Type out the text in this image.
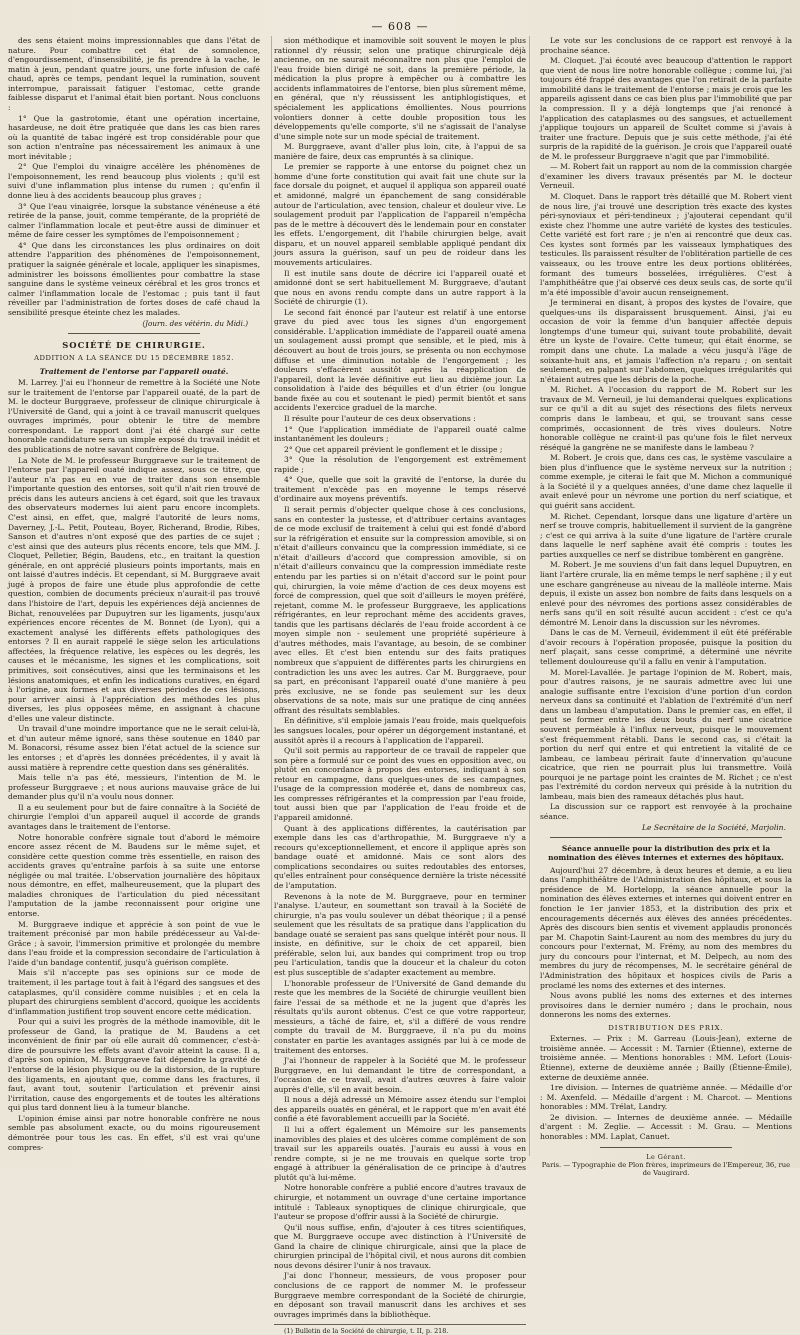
— 608 —

des sens étaient moins impressionnables que dans l'état de nature. Pour combattre cet état de somnolence, d'engourdissement, d'insensibilité, je fis prendre à la vache, le matin à jeun, pendant quatre jours, une forte infusion de café chaud, après ce temps, pendant lequel la rumination, souvent interrompue, paraissait fatiguer l'estomac, cette grande faiblesse disparut et l'animal était bien portant. Nous concluons :

1° Que la gastrotomie, étant une opération incertaine, hasardeuse, ne doit être pratiquée que dans les cas bien rares où la quantité de tabac ingéré est trop considérable pour que son action n'entraîne pas nécessairement les animaux à une mort inévitable ;

2° Que l'emploi du vinaigre accélère les phénomènes de l'empoisonnement, les rend beaucoup plus violents ; qu'il est suivi d'une inflammation plus intense du rumen ; qu'enfin il donne lieu à des accidents beaucoup plus graves ;

3° Que l'eau vinaigrée, lorsque la substance vénéneuse a été retirée de la panse, jouit, comme tempérante, de la propriété de calmer l'inflammation locale et peut-être aussi de diminuer et même de faire cesser les symptômes de l'empoisonnement ;

4° Que dans les circonstances les plus ordinaires on doit attendre l'apparition des phénomènes de l'empoisonnement, pratiquer la saignée générale et locale, appliquer les sinapismes, administrer les boissons émollientes pour combattre la stase sanguine dans le système veineux cérébral et les gros troncs et calmer l'inflammation locale de l'estomac ; puis tant il faut réveiller par l'administration de fortes doses de café chaud la sensibilité presque éteinte chez les malades.

(Journ. des vétérin. du Midi.)
SOCIÉTÉ DE CHIRURGIE.
ADDITION A LA SÉANCE DU 15 DÉCEMBRE 1852.
Traitement de l'entorse par l'appareil ouaté.

M. Larrey. J'ai eu l'honneur de remettre à la Société une Note sur le traitement de l'entorse par l'appareil ouaté, de la part de M. le docteur Burggraeve, professeur de clinique chirurgicale à l'Université de Gand, qui a joint à ce travail manuscrit quelques ouvrages imprimés, pour obtenir le titre de membre correspondant. Le rapport dont j'ai été chargé sur cette honorable candidature sera un simple exposé du travail inédit et des publications de notre savant confrère de Belgique.

La Note de M. le professeur Burggraeve sur le traitement de l'entorse par l'appareil ouaté indique assez, sous ce titre, que l'auteur n'a pas eu en vue de traiter dans son ensemble l'importante question des entorses, soit qu'il n'ait rien trouvé de précis dans les auteurs anciens à cet égard, soit que les travaux des observateurs modernes lui aient paru encore incomplets. C'est ainsi, en effet, que, malgré l'autorité de leurs noms, Daverney, J.-L. Petit, Pouteau, Boyer, Richerand, Brodie, Ribes, Sanson et d'autres n'ont exposé que des parties de ce sujet ; c'est ainsi que des auteurs plus récents encore, tels que MM. J. Cloquet, Pelletier, Bégin, Baudens, etc., en traitant la question générale, en ont apprécié plusieurs points importants, mais en ont laissé d'autres indécis. Et cependant, si M. Burggraeve avait jugé à propos de faire une étude plus approfondie de cette question, combien de documents précieux n'aurait-il pas trouvé dans l'histoire de l'art, depuis les expériences déjà anciennes de Bichat, renouvelées par Dupuytren sur les ligaments, jusqu'aux expériences encore récentes de M. Bonnet (de Lyon), qui a exactement analysé les différents effets pathologiques des entorses ? Il en aurait rappelé le siège selon les articulations affectées, la fréquence relative, les espèces ou les degrés, les causes et le mécanisme, les signes et les complications, soit primitives, soit consécutives, ainsi que les terminaisons et les lésions anatomiques, et enfin les indications curatives, en égard à l'origine, aux formes et aux diverses périodes de ces lésions, pour arriver ainsi à l'appréciation des méthodes les plus diverses, les plus opposées même, en assignant à chacune d'elles une valeur distincte.

Un travail d'une moindre importance que ne le serait celui-là, et d'un auteur même ignoré, sans thèse soutenue en 1840 par M. Bonacorsi, résume assez bien l'état actuel de la science sur les entorses ; et d'après les données précédentes, il y avait là aussi matière à reprendre cette question dans ses généralités.

Mais telle n'a pas été, messieurs, l'intention de M. le professeur Burggraeve ; et nous aurions mauvaise grâce de lui demander plus qu'il n'a voulu nous donner.

Il a eu seulement pour but de faire connaître à la Société de chirurgie l'emploi d'un appareil auquel il accorde de grands avantages dans le traitement de l'entorse.

Notre honorable confrère signale tout d'abord le mémoire encore assez récent de M. Baudens sur le même sujet, et considère cette question comme très essentielle, en raison des accidents graves qu'entraîne parfois à sa suite une entorse négligée ou mal traitée. L'observation journalière des hôpitaux nous démontre, en effet, malheureusement, que la plupart des maladies chroniques de l'articulation du pied nécessitant l'amputation de la jambe reconnaissent pour origine une entorse.

M. Burggraeve indique et apprécie à son point de vue le traitement préconisé par mon habile prédécesseur au Val-de-Grâce ; à savoir, l'immersion primitive et prolongée du membre dans l'eau froide et la compression secondaire de l'articulation à l'aide d'un bandage contentif, jusqu'à guérison complète.

Mais s'il n'accepte pas ses opinions sur ce mode de traitement, il les partage tout à fait à l'égard des sangsues et des cataplasmes, qu'il considère comme nuisibles ; et en cela la plupart des chirurgiens semblent d'accord, quoique les accidents d'inflammation justifient trop souvent encore cette médication.

Pour qui a suivi les progrès de la méthode inamovible, dit le professeur de Gand, la pratique de M. Baudens a cet inconvénient de finir par où elle aurait dû commencer, c'est-à-dire de poursuivre les effets avant d'avoir atteint la cause. Il a, d'après son opinion, M. Burggraeve fait dépendre la gravité de l'entorse de la lésion physique ou de la distorsion, de la rupture des ligaments, en ajoutant que, comme dans les fractures, il faut, avant tout, soutenir l'articulation et prévenir ainsi l'irritation, cause des engorgements et de toutes les altérations qui plus tard donnent lieu à la tumeur blanche.

L'opinion émise ainsi par notre honorable confrère ne nous semble pas absolument exacte, ou du moins rigoureusement démontrée pour tous les cas. En effet, s'il est vrai qu'une compres-

sion méthodique et inamovible soit souvent le moyen le plus rationnel d'y réussir, selon une pratique chirurgicale déjà ancienne, on ne saurait méconnaître non plus que l'emploi de l'eau froide bien dirigé ne soit, dans la première période, la médication la plus propre à empêcher ou à combattre les accidents inflammatoires de l'entorse, bien plus sûrement même, en général, que n'y réussissent les antiphlogistiques, et spécialement les applications émollientes. Nous pourrions volontiers donner à cette double proposition tous les développements qu'elle comporte, s'il ne s'agissait de l'analyse d'une simple note sur un mode spécial de traitement.

M. Burggraeve, avant d'aller plus loin, cite, à l'appui de sa manière de faire, deux cas empruntés à sa clinique.

Le premier se rapporte à une entorse du poignet chez un homme d'une forte constitution qui avait fait une chute sur la face dorsale du poignet, et auquel il appliqua son appareil ouaté et amidonné, malgré un épanchement de sang considérable autour de l'articulation, avec tension, chaleur et douleur vive. Le soulagement produit par l'application de l'appareil n'empêcha pas de le mettre à découvert dès le lendemain pour en constater les effets. L'engorgement, dit l'habile chirurgien belge, avait disparu, et un nouvel appareil semblable appliqué pendant dix jours assura la guérison, sauf un peu de roideur dans les mouvements articulaires.

Il est inutile sans doute de décrire ici l'appareil ouaté et amidonné dont se sert habituellement M. Burggraeve, d'autant que nous en avons rendu compte dans un autre rapport à la Société de chirurgie (1).

Le second fait énoncé par l'auteur est relatif à une entorse grave du pied avec tous les signes d'un engorgement considérable. L'application immédiate de l'appareil ouaté amena un soulagement aussi prompt que sensible, et le pied, mis à découvert au bout de trois jours, se présenta ou non ecchymose diffuse et une diminution notable de l'engorgement ; les douleurs s'effacèrent aussitôt après la réapplication de l'appareil, dont la levée définitive eut lieu au dixième jour. La consolidation à l'aide des béquilles et d'un étrier (ou longue bande fixée au cou et soutenant le pied) permit bientôt et sans accidents l'exercice graduel de la marche.

Il résulte pour l'auteur de ces deux observations :

1° Que l'application immédiate de l'appareil ouaté calme instantanément les douleurs ;

2° Que cet appareil prévient le gonflement et le dissipe ;

3° Que la résolution de l'engorgement est extrêmement rapide ;

4° Que, quelle que soit la gravité de l'entorse, la durée du traitement n'excède pas en moyenne le temps réservé d'ordinaire aux moyens préventifs.

Il serait permis d'objecter quelque chose à ces conclusions, sans en contester la justesse, et d'attribuer certains avantages de ce mode exclusif de traitement à celui qui est fondé d'abord sur la réfrigération et ensuite sur la compression amovible, si on n'était d'ailleurs convaincu que la compression immédiate, si ce n'était d'ailleurs d'accord que compression amovible, si on n'était d'ailleurs convaincu que la compression immédiate reste entendu par les parties si on n'était d'accord sur le point pour qui, chirurgien, la voie même d'action de ces deux moyens est forcé de compression, quel que soit d'ailleurs le moyen préféré, rejetant, comme M. le professeur Burggraeve, les applications réfrigérantes, en leur reprochant même des accidents graves, tandis que les partisans déclarés de l'eau froide accordent à ce moyen simple non - seulement une propriété supérieure à d'autres méthodes, mais l'avantage, au besoin, de se combiner avec elles. Et c'est bien entendu sur des faits pratiques nombreux que s'appuient de différentes parts les chirurgiens en contradiction les uns avec les autres. Car M. Burggraeve, pour sa part, en préconisant l'appareil ouaté d'une manière à peu près exclusive, ne se fonde pas seulement sur les deux observations de sa note, mais sur une pratique de cinq années offrant des résultats semblables.

En définitive, s'il emploie jamais l'eau froide, mais quelquefois les sangsues locales, pour opérer un dégorgement instantané, et aussitôt après il a recours à l'application de l'appareil.

Qu'il soit permis au rapporteur de ce travail de rappeler que son père a formulé sur ce point des vues en opposition avec, ou plutôt en concordance à propos des entorses, indiquant à son retour en campagne, dans quelques-unes de ses campagnes, l'usage de la compression modérée et, dans de nombreux cas, les compresses réfrigérantes et la compression par l'eau froide, tout aussi bien que par l'application de l'eau froide et de l'appareil amidonné.

Quant à des applications différentes, la cautérisation par exemple dans les cas d'arthropathie, M. Burggraeve n'y a recours qu'exceptionnellement, et encore il applique après son bandage ouaté et amidonné. Mais ce sont alors des complications secondaires ou suites redoutables des entorses, qu'elles entraînent pour conséquence dernière la triste nécessité de l'amputation.

Revenons à la note de M. Burggraeve, pour en terminer l'analyse. L'auteur, en soumettant son travail à la Société de chirurgie, n'a pas voulu soulever un débat théorique ; il a pensé seulement que les résultats de sa pratique dans l'application du bandage ouaté se seraient pas sans quelque intérêt pour nous. Il insiste, en définitive, sur le choix de cet appareil, bien préférable, selon lui, aux bandes qui compriment trop ou trop peu l'articulation, tandis que la douceur et la chaleur du coton est plus susceptible de s'adapter exactement au membre.

L'honorable professeur de l'Université de Gand demande du reste que les membres de la Société de chirurgie veuillent bien faire l'essai de sa méthode et ne la jugent que d'après les résultats qu'ils auront obtenus. C'est ce que votre rapporteur, messieurs, a tâché de faire, et, s'il a différé de vous rendre compte du travail de M. Burggraeve, il n'a pu du moins constater en partie les avantages assignés par lui à ce mode de traitement des entorses.

J'ai l'honneur de rappeler à la Société que M. le professeur Burggraeve, en lui demandant le titre de correspondant, a l'occasion de ce travail, avait d'autres œuvres à faire valoir auprès d'elle, s'il en avait besoin.

Il nous a déjà adressé un Mémoire assez étendu sur l'emploi des appareils ouatés en général, et le rapport que m'en avait été confié a été favorablement accueilli par la Société.

Il lui a offert également un Mémoire sur les pansements inamovibles des plaies et des ulcères comme complément de son travail sur les appareils ouatés. J'aurais eu aussi à vous en rendre compte, si je ne me trouvais en quelque sorte trop engagé à attribuer la généralisation de ce principe à d'autres plutôt qu'à lui-même.

Notre honorable confrère a publié encore d'autres travaux de chirurgie, et notamment un ouvrage d'une certaine importance intitulé : Tableaux synoptiques de clinique chirurgicale, que l'auteur se propose d'offrir aussi à la Société de chirurgie.

Qu'il nous suffise, enfin, d'ajouter à ces titres scientifiques, que M. Burggraeve occupe avec distinction à l'Université de Gand la chaire de clinique chirurgicale, ainsi que la place de chirurgien principal de l'hôpital civil, et nous aurons dit combien nous devons désirer l'unir à nos travaux.

J'ai donc l'honneur, messieurs, de vous proposer pour conclusions de ce rapport de nommer M. le professeur Burggraeve membre correspondant de la Société de chirurgie, en déposant son travail manuscrit dans les archives et ses ouvrages imprimés dans la bibliothèque.

(1) Bulletin de la Société de chirurgie, t. II, p. 218.

Le vote sur les conclusions de ce rapport est renvoyé à la prochaine séance.

M. Cloquet. J'ai écouté avec beaucoup d'attention le rapport que vient de nous lire notre honorable collègue ; comme lui, j'ai toujours été frappé des avantages que l'on retirait de la parfaite immobilité dans le traitement de l'entorse ; mais je crois que les appareils agissent dans ce cas bien plus par l'immobilité que par la compression. Il y a déjà longtemps que j'ai renoncé à l'application des cataplasmes ou des sangsues, et actuellement j'applique toujours un appareil de Scultet comme si j'avais à traiter une fracture. Depuis que je suis cette méthode, j'ai été surpris de la rapidité de la guérison. Je crois que l'appareil ouaté de M. le professeur Burggraeve n'agit que par l'immobilité.

— M. Robert fait un rapport au nom de la commission chargée d'examiner les divers travaux présentés par M. le docteur Verneuil.

M. Cloquet. Dans le rapport très détaillé que M. Robert vient de nous lire, j'ai trouvé une description très exacte des kystes péri-synoviaux et péri-tendineux ; j'ajouterai cependant qu'il existe chez l'homme une autre variété de kystes des testicules. Cette variété est fort rare ; je n'en ai rencontré que deux cas. Ces kystes sont formés par les vaisseaux lymphatiques des testicules. Ils paraissent résulter de l'oblitération partielle de ces vaisseaux, ou les trouve entre les deux portions oblitérées, formant des tumeurs bosselées, irrégulières. C'est à l'amphithéâtre que j'ai observé ces deux seuls cas, de sorte qu'il m'a été impossible d'avoir aucun renseignement.

Je terminerai en disant, à propos des kystes de l'ovaire, que quelques-uns ils disparaissent brusquement. Ainsi, j'ai eu occasion de voir la femme d'un banquier affectée depuis longtemps d'une tumeur qui, suivant toute probabilité, devait être un kyste de l'ovaire. Cette tumeur, qui était énorme, se rompit dans une chute. La malade a vécu jusqu'à l'âge de soixante-huit ans, et jamais l'affection n'a reparu ; on sentait seulement, en palpant sur l'abdomen, quelques irrégularités qui n'étaient autres que les débris de la poche.

M. Richet. A l'occasion du rapport de M. Robert sur les travaux de M. Verneuil, je lui demanderai quelques explications sur ce qu'il a dit au sujet des résections des filets nerveux compris dans le lambeau, et qui, se trouvant sans cesse comprimés, occasionnent de très vives douleurs. Notre honorable collègue ne craint-il pas qu'une fois le filet nerveux réséqué la gangrène ne se manifeste dans le lambeau ?

M. Robert. Je crois que, dans ces cas, le système vasculaire a bien plus d'influence que le système nerveux sur la nutrition ; comme exemple, je citerai le fait que M. Michon a communiqué à la Société il y a quelques années, d'une dame chez laquelle il avait enlevé pour un névrome une portion du nerf sciatique, et qui guérit sans accident.

M. Richet. Cependant, lorsque dans une ligature d'artère un nerf se trouve compris, habituellement il survient de la gangrène ; c'est ce qui arriva à la suite d'une ligature de l'artère crurale dans laquelle le nerf saphène avait été compris : toutes les parties auxquelles ce nerf se distribue tombèrent en gangrène.

M. Robert. Je me souviens d'un fait dans lequel Dupuytren, en liant l'artère crurale, lia en même temps le nerf saphène ; il y eut une eschare gangréneuse au niveau de la malléole interne. Mais depuis, il existe un assez bon nombre de faits dans lesquels on a enlevé pour des névromes des portions assez considérables de nerfs sans qu'il en soit résulté aucun accident : c'est ce qu'a démontré M. Lenoir dans la discussion sur les névromes.

Dans le cas de M. Verneuil, évidemment il eût été préférable d'avoir recours à l'opération proposée, puisque la position du nerf plaçait, sans cesse comprimé, a déterminé une névrite tellement douloureuse qu'il a fallu en venir à l'amputation.

M. Morel-Lavallée. Je partage l'opinion de M. Robert, mais, pour d'autres raisons, je ne saurais admettre avec lui une analogie suffisante entre l'excision d'une portion d'un cordon nerveux dans sa continuité et l'ablation de l'extrémité d'un nerf dans un lambeau d'amputation. Dans le premier cas, en effet, il peut se former entre les deux bouts du nerf une cicatrice souvent perméable à l'influx nerveux, puisque le mouvement s'est fréquemment rétabli. Dans le second cas, si c'était la portion du nerf qui entre et qui entretient la vitalité de ce lambeau, ce lambeau périrait faute d'innervation qu'aucune cicatrice, que rien ne pourrait plus lui transmettre. Voilà pourquoi je ne partage point les craintes de M. Richet ; ce n'est pas l'extrémité du cordon nerveux qui préside à la nutrition du lambeau, mais bien des rameaux détachés plus haut.

La discussion sur ce rapport est renvoyée à la prochaine séance.

Le Secrétaire de la Société, Marjolin.
Séance annuelle pour la distribution des prix et la nomination des élèves internes et externes des hôpitaux.

Aujourd'hui 27 décembre, à deux heures et demie, a eu lieu dans l'amphithéâtre de l'Administration des hôpitaux, et sous la présidence de M. Hortelopp, la séance annuelle pour la nomination des élèves externes et internes qui doivent entrer en fonction le 1er janvier 1853, et la distribution des prix et encouragements décernés aux élèves des années précédentes. Après des discours bien sentis et vivement applaudis prononcés par M. Chapotin Saint-Laurent au nom des membres du jury du concours pour l'externat, M. Frémy, au nom des membres du jury du concours pour l'internat, et M. Delpech, au nom des membres du jury de récompenses, M. le secrétaire général de l'Administration des hôpitaux et hospices civils de Paris a proclamé les noms des externes et des internes.

Nous avons publié les noms des externes et des internes provisoires dans le dernier numéro ; dans le prochain, nous donnerons les noms des externes.

DISTRIBUTION DES PRIX.

Externes. — Prix : M. Garreau (Louis-Jean), externe de troisième année. — Accessit : M. Tarnier (Étienne), externe de troisième année. — Mentions honorables : MM. Lefort (Louis-Étienne), externe de deuxième année ; Bailly (Étienne-Émile), externe de deuxième année.

1re division. — Internes de quatrième année. — Médaille d'or : M. Axenfeld. — Médaille d'argent : M. Charcot. — Mentions honorables : MM. Trélat, Landry.

2e division. — Internes de deuxième année. — Médaille d'argent : M. Zeglie. — Accessit : M. Grau. — Mentions honorables : MM. Laplat, Canuet.

Le Gérant.
Paris. — Typographie de Plon frères, imprimeurs de l'Empereur, 36, rue de Vaugirard.
